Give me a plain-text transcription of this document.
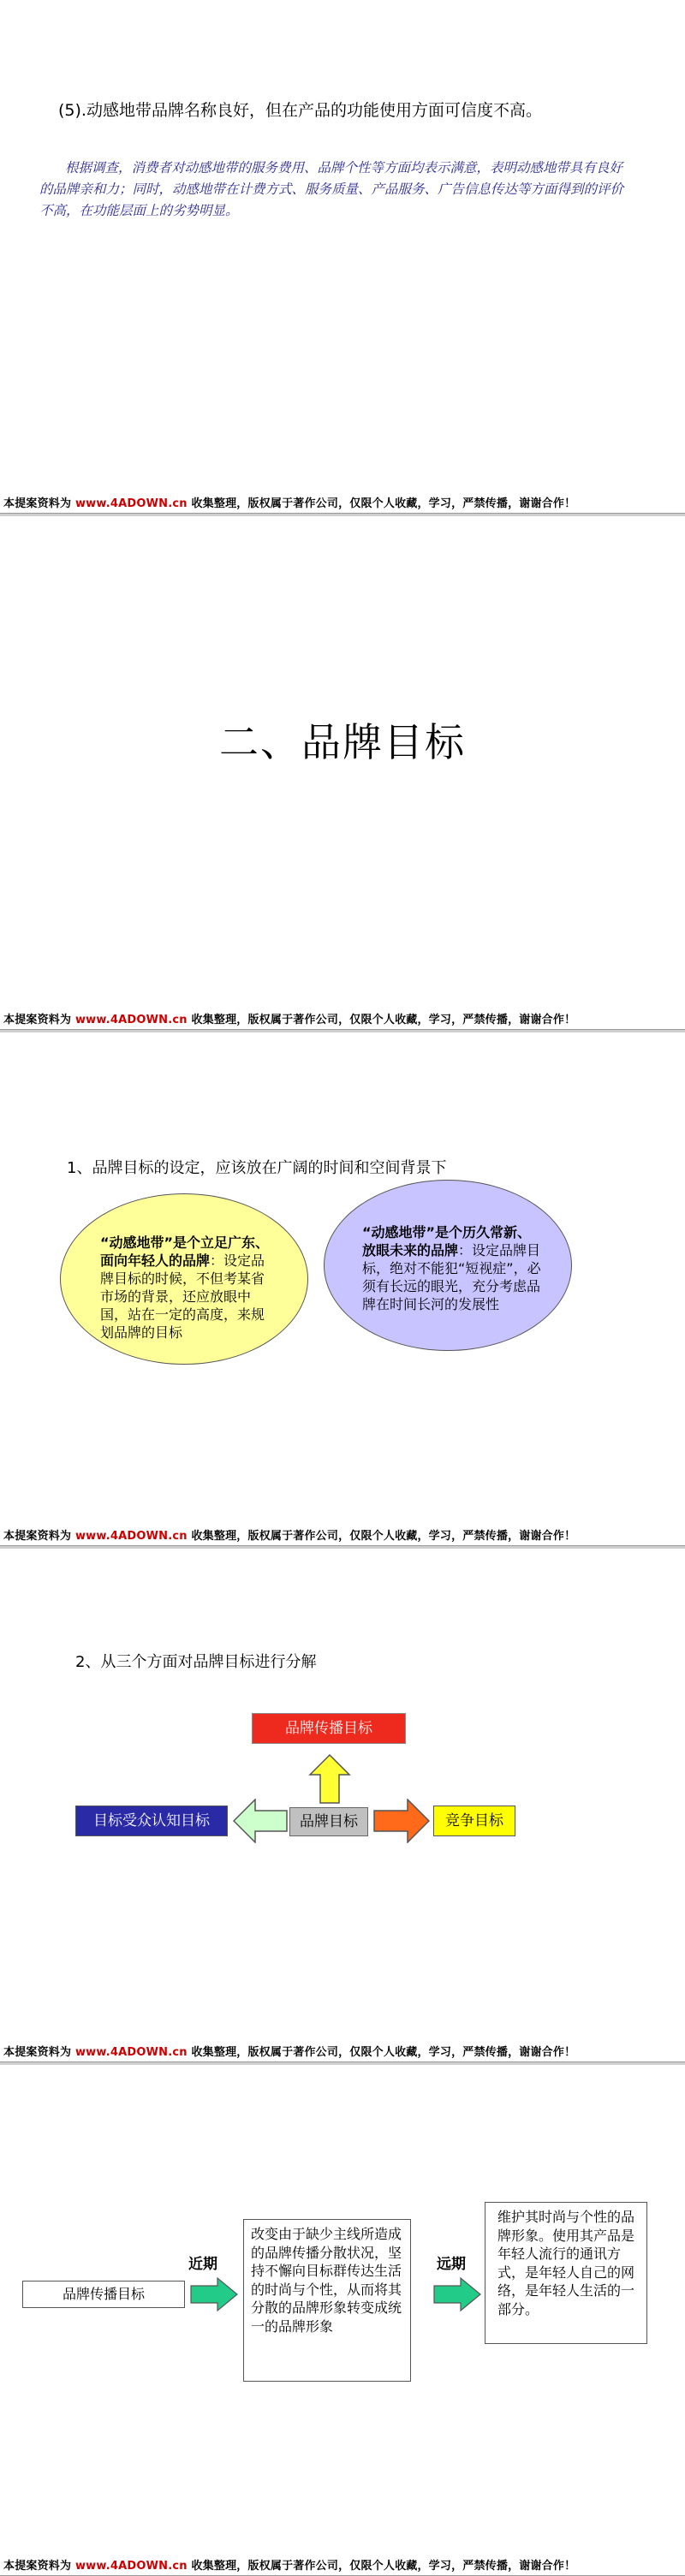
(5).动感地带品牌名称良好，但在产品的功能使用方面可信度不高。
根据调查，消费者对动感地带的服务费用、品牌个性等方面均表示满意，表明动感地带具有良好的品牌亲和力；同时，动感地带在计费方式、服务质量、产品服务、广告信息传达等方面得到的评价不高，在功能层面上的劣势明显。
本提案资料为 www.4ADOWN.cn 收集整理，版权属于著作公司，仅限个人收藏，学习，严禁传播，谢谢合作！
二、品牌目标
本提案资料为 www.4ADOWN.cn 收集整理，版权属于著作公司，仅限个人收藏，学习，严禁传播，谢谢合作！
1、品牌目标的设定，应该放在广阔的时间和空间背景下
“动感地带”是个立足广东、面向年轻人的品牌：设定品牌目标的时候，不但考某省市场的背景，还应放眼中国，站在一定的高度，来规划品牌的目标
“动感地带”是个历久常新、放眼未来的品牌：设定品牌目标，绝对不能犯“短视症”，必须有长远的眼光，充分考虑品牌在时间长河的发展性
本提案资料为 www.4ADOWN.cn 收集整理，版权属于著作公司，仅限个人收藏，学习，严禁传播，谢谢合作！
2、从三个方面对品牌目标进行分解
品牌传播目标
品牌目标
目标受众认知目标	竞争目标
本提案资料为 www.4ADOWN.cn 收集整理，版权属于著作公司，仅限个人收藏，学习，严禁传播，谢谢合作！
品牌传播目标
近期
改变由于缺少主线所造成的品牌传播分散状况，坚持不懈向目标群传达生活的时尚与个性，从而将其分散的品牌形象转变成统一的品牌形象
远期
维护其时尚与个性的品牌形象。使用其产品是年轻人流行的通讯方式，是年轻人自己的网络，是年轻人生活的一部分。
本提案资料为 www.4ADOWN.cn 收集整理，版权属于著作公司，仅限个人收藏，学习，严禁传播，谢谢合作！
